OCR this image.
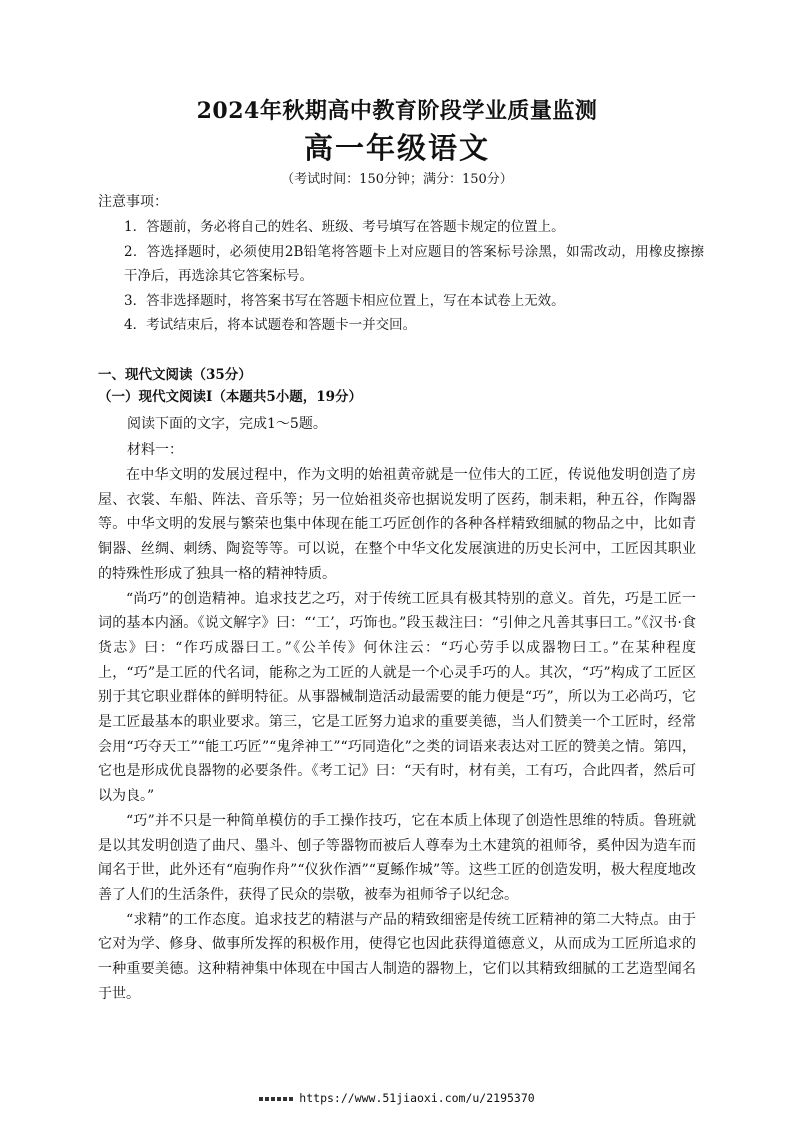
2024年秋期高中教育阶段学业质量监测
高一年级语文
（考试时间：150分钟；满分：150分）
注意事项：
1．答题前，务必将自己的姓名、班级、考号填写在答题卡规定的位置上。
2．答选择题时，必须使用2B铅笔将答题卡上对应题目的答案标号涂黑，如需改动，用橡皮擦擦干净后，再选涂其它答案标号。
3．答非选择题时，将答案书写在答题卡相应位置上，写在本试卷上无效。
4．考试结束后，将本试题卷和答题卡一并交回。
一、现代文阅读（35分）
（一）现代文阅读Ⅰ（本题共5小题，19分）
阅读下面的文字，完成1～5题。
材料一：

在中华文明的发展过程中，作为文明的始祖黄帝就是一位伟大的工匠，传说他发明创造了房屋、衣裳、车船、阵法、音乐等；另一位始祖炎帝也据说发明了医药，制耒耜，种五谷，作陶器等。中华文明的发展与繁荣也集中体现在能工巧匠创作的各种各样精致细腻的物品之中，比如青铜器、丝绸、刺绣、陶瓷等等。可以说，在整个中华文化发展演进的历史长河中，工匠因其职业的特殊性形成了独具一格的精神特质。

“尚巧”的创造精神。追求技艺之巧，对于传统工匠具有极其特别的意义。首先，巧是工匠一词的基本内涵。《说文解字》曰：“‘工’，巧饰也。”段玉裁注曰：“引伸之凡善其事曰工。”《汉书·食货志》曰：“作巧成器曰工。”《公羊传》何休注云：“巧心劳手以成器物曰工。”在某种程度上，“巧”是工匠的代名词，能称之为工匠的人就是一个心灵手巧的人。其次，“巧”构成了工匠区别于其它职业群体的鲜明特征。从事器械制造活动最需要的能力便是“巧”，所以为工必尚巧，它是工匠最基本的职业要求。第三，它是工匠努力追求的重要美德，当人们赞美一个工匠时，经常会用“巧夺天工”“能工巧匠”“鬼斧神工”“巧同造化”之类的词语来表达对工匠的赞美之情。第四，它也是形成优良器物的必要条件。《考工记》曰：“天有时，材有美，工有巧，合此四者，然后可以为良。”

“巧”并不只是一种简单模仿的手工操作技巧，它在本质上体现了创造性思维的特质。鲁班就是以其发明创造了曲尺、墨斗、刨子等器物而被后人尊奉为土木建筑的祖师爷，奚仲因为造车而闻名于世，此外还有“庖驹作舟”“仪狄作酒”“夏鲧作城”等。这些工匠的创造发明，极大程度地改善了人们的生活条件，获得了民众的崇敬，被奉为祖师爷子以纪念。

“求精”的工作态度。追求技艺的精湛与产品的精致细密是传统工匠精神的第二大特点。由于它对为学、修身、做事所发挥的积极作用，使得它也因此获得道德意义，从而成为工匠所追求的一种重要美德。这种精神集中体现在中国古人制造的器物上，它们以其精致细腻的工艺造型闻名于世。

https://www.51jiaoxi.com/u/2195370
